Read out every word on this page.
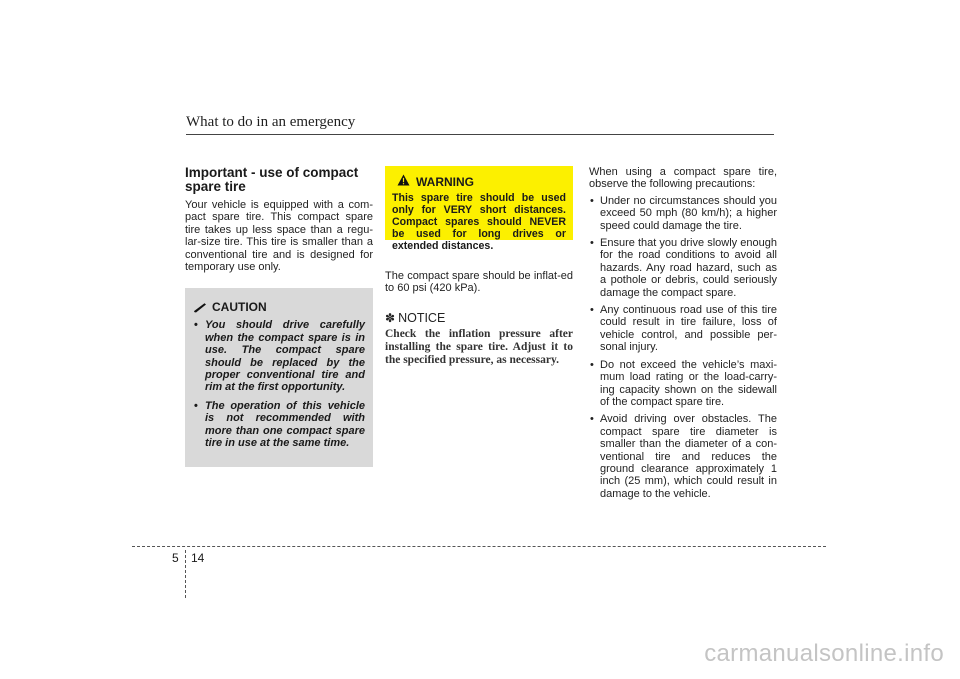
What to do in an emergency
Important - use of compact spare tire

Your vehicle is equipped with a com-pact spare tire. This compact spare tire takes up less space than a regu-lar-size tire. This tire is smaller than a conventional tire and is designed for temporary use only.

CAUTION
• You should drive carefully when the compact spare is in use. The compact spare should be replaced by the proper conventional tire and rim at the first opportunity.
• The operation of this vehicle is not recommended with more than one compact spare tire in use at the same time.
WARNING

This spare tire should be used only for VERY short distances. Compact spares should NEVER be used for long drives or extended distances.

The compact spare should be inflat-ed to 60 psi (420 kPa).

✽ NOTICE

Check the inflation pressure after installing the spare tire. Adjust it to the specified pressure, as necessary.

When using a compact spare tire, observe the following precautions:

• Under no circumstances should you exceed 50 mph (80 km/h); a higher speed could damage the tire.
• Ensure that you drive slowly enough for the road conditions to avoid all hazards. Any road hazard, such as a pothole or debris, could seriously damage the compact spare.
• Any continuous road use of this tire could result in tire failure, loss of vehicle control, and possible per-sonal injury.
• Do not exceed the vehicle’s maxi-mum load rating or the load-carry-ing capacity shown on the sidewall of the compact spare tire.
• Avoid driving over obstacles. The compact spare tire diameter is smaller than the diameter of a con-ventional tire and reduces the ground clearance approximately 1 inch (25 mm), which could result in damage to the vehicle.
5 14
carmanualsonline.info
